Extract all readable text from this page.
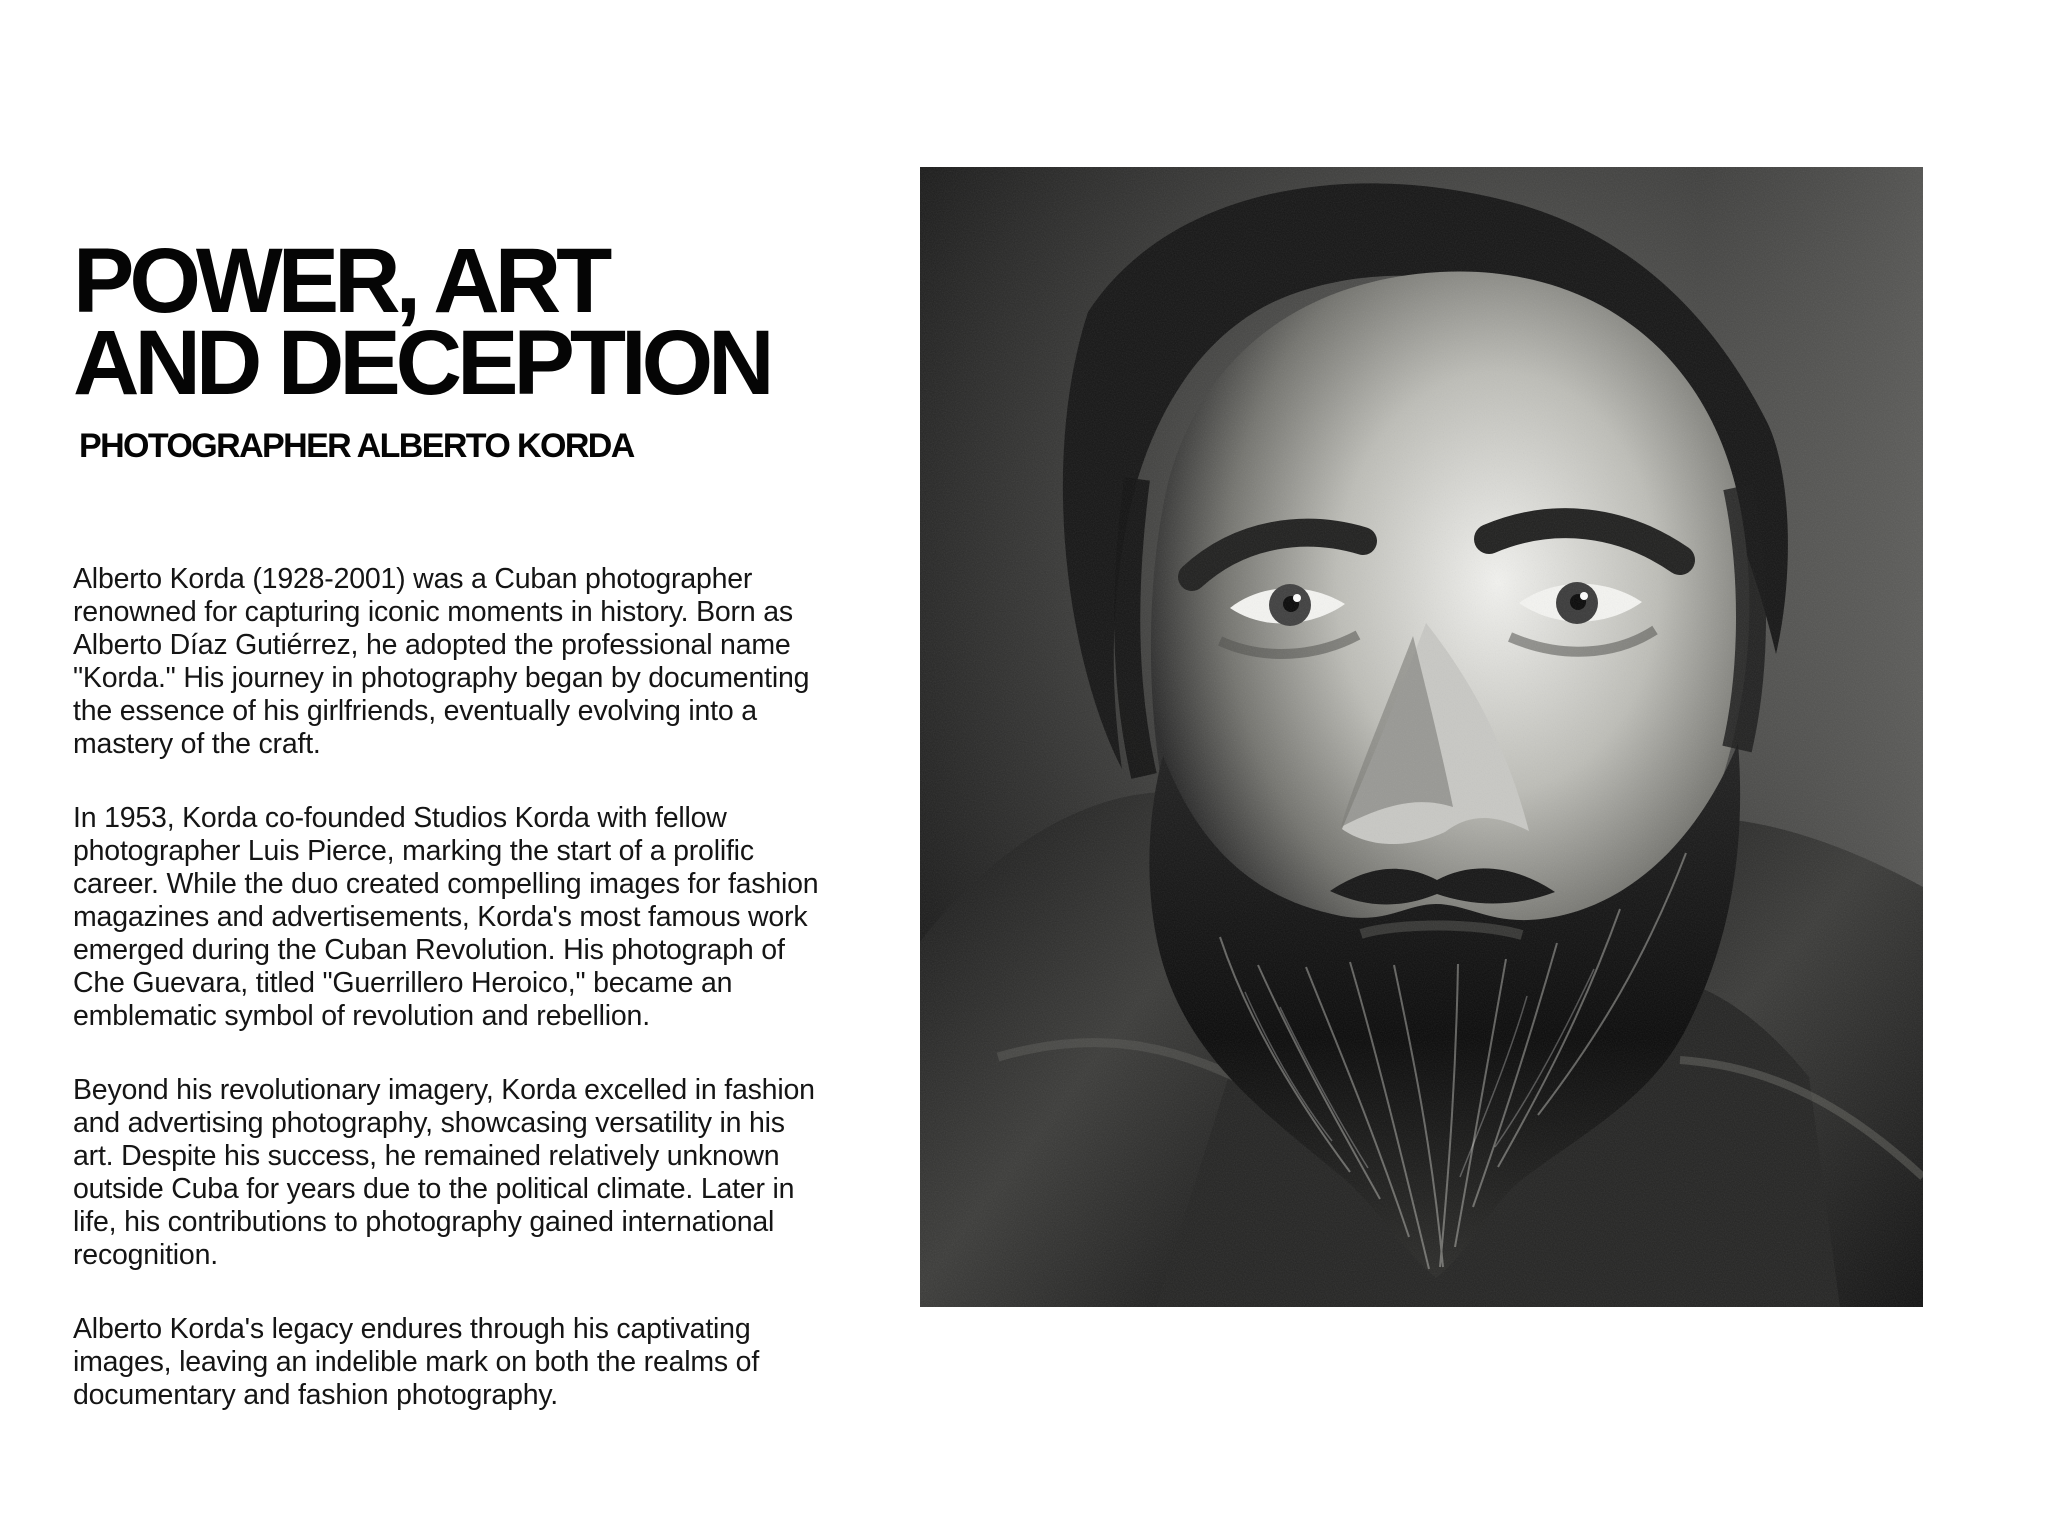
POWER, ART
AND DECEPTION
PHOTOGRAPHER ALBERTO KORDA

Alberto Korda (1928-2001) was a Cuban photographer renowned for capturing iconic moments in history. Born as Alberto Díaz Gutiérrez, he adopted the professional name "Korda." His journey in photography began by documenting the essence of his girlfriends, eventually evolving into a mastery of the craft.

In 1953, Korda co-founded Studios Korda with fellow photographer Luis Pierce, marking the start of a prolific career. While the duo created compelling images for fashion magazines and advertisements, Korda's most famous work emerged during the Cuban Revolution. His photograph of Che Guevara, titled "Guerrillero Heroico," became an emblematic symbol of revolution and rebellion.

Beyond his revolutionary imagery, Korda excelled in fashion and advertising photography, showcasing versatility in his art. Despite his success, he remained relatively unknown outside Cuba for years due to the political climate. Later in life, his contributions to photography gained international recognition.

Alberto Korda's legacy endures through his captivating images, leaving an indelible mark on both the realms of documentary and fashion photography.
